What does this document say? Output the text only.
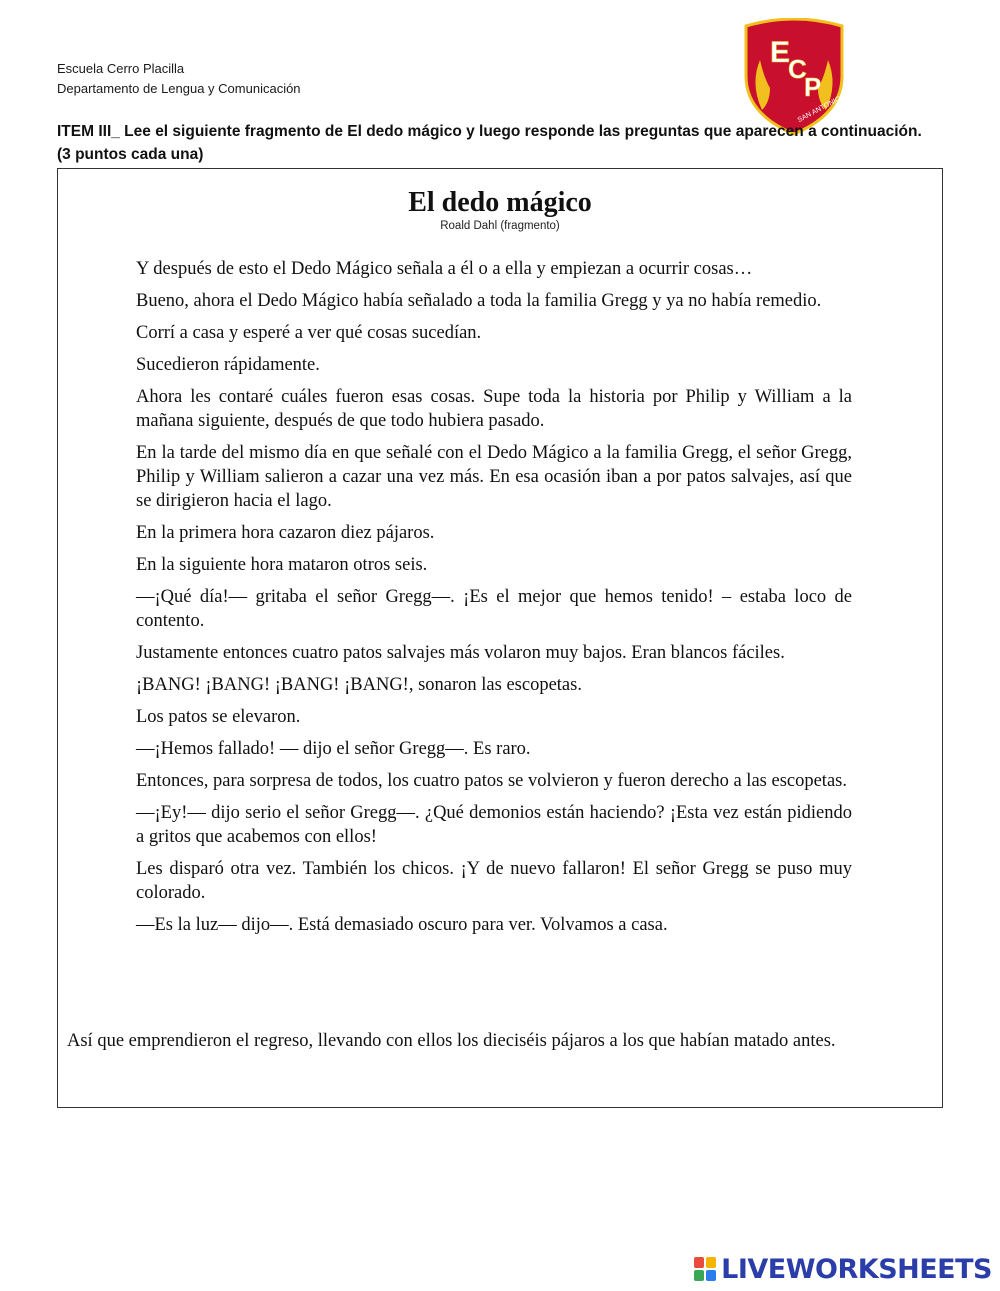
Escuela Cerro Placilla
Departamento de Lengua y Comunicación
E
C
P
SAN ANTONIO
ITEM III_ Lee el siguiente fragmento de El dedo mágico y luego responde las preguntas que aparecen a continuación. (3 puntos cada una)
El dedo mágico
Roald Dahl (fragmento)

Y después de esto el Dedo Mágico señala a él o a ella y empiezan a ocurrir cosas…

Bueno, ahora el Dedo Mágico había señalado a toda la familia Gregg y ya no había remedio.

Corrí a casa y esperé a ver qué cosas sucedían.

Sucedieron rápidamente.

Ahora les contaré cuáles fueron esas cosas. Supe toda la historia por Philip y William a la mañana siguiente, después de que todo hubiera pasado.

En la tarde del mismo día en que señalé con el Dedo Mágico a la familia Gregg, el señor Gregg, Philip y William salieron a cazar una vez más. En esa ocasión iban a por patos salvajes, así que se dirigieron hacia el lago.

En la primera hora cazaron diez pájaros.

En la siguiente hora mataron otros seis.

—¡Qué día!— gritaba el señor Gregg—. ¡Es el mejor que hemos tenido! – estaba loco de contento.

Justamente entonces cuatro patos salvajes más volaron muy bajos. Eran blancos fáciles.

¡BANG! ¡BANG! ¡BANG! ¡BANG!, sonaron las escopetas.

Los patos se elevaron.

—¡Hemos fallado! — dijo el señor Gregg—. Es raro.

Entonces, para sorpresa de todos, los cuatro patos se volvieron y fueron derecho a las escopetas.

—¡Ey!— dijo serio el señor Gregg—. ¿Qué demonios están haciendo? ¡Esta vez están pidiendo a gritos que acabemos con ellos!

Les disparó otra vez. También los chicos. ¡Y de nuevo fallaron! El señor Gregg se puso muy colorado.

—Es la luz— dijo—. Está demasiado oscuro para ver. Volvamos a casa.

Así que emprendieron el regreso, llevando con ellos los dieciséis pájaros a los que habían matado antes.

LIVEWORKSHEETS
